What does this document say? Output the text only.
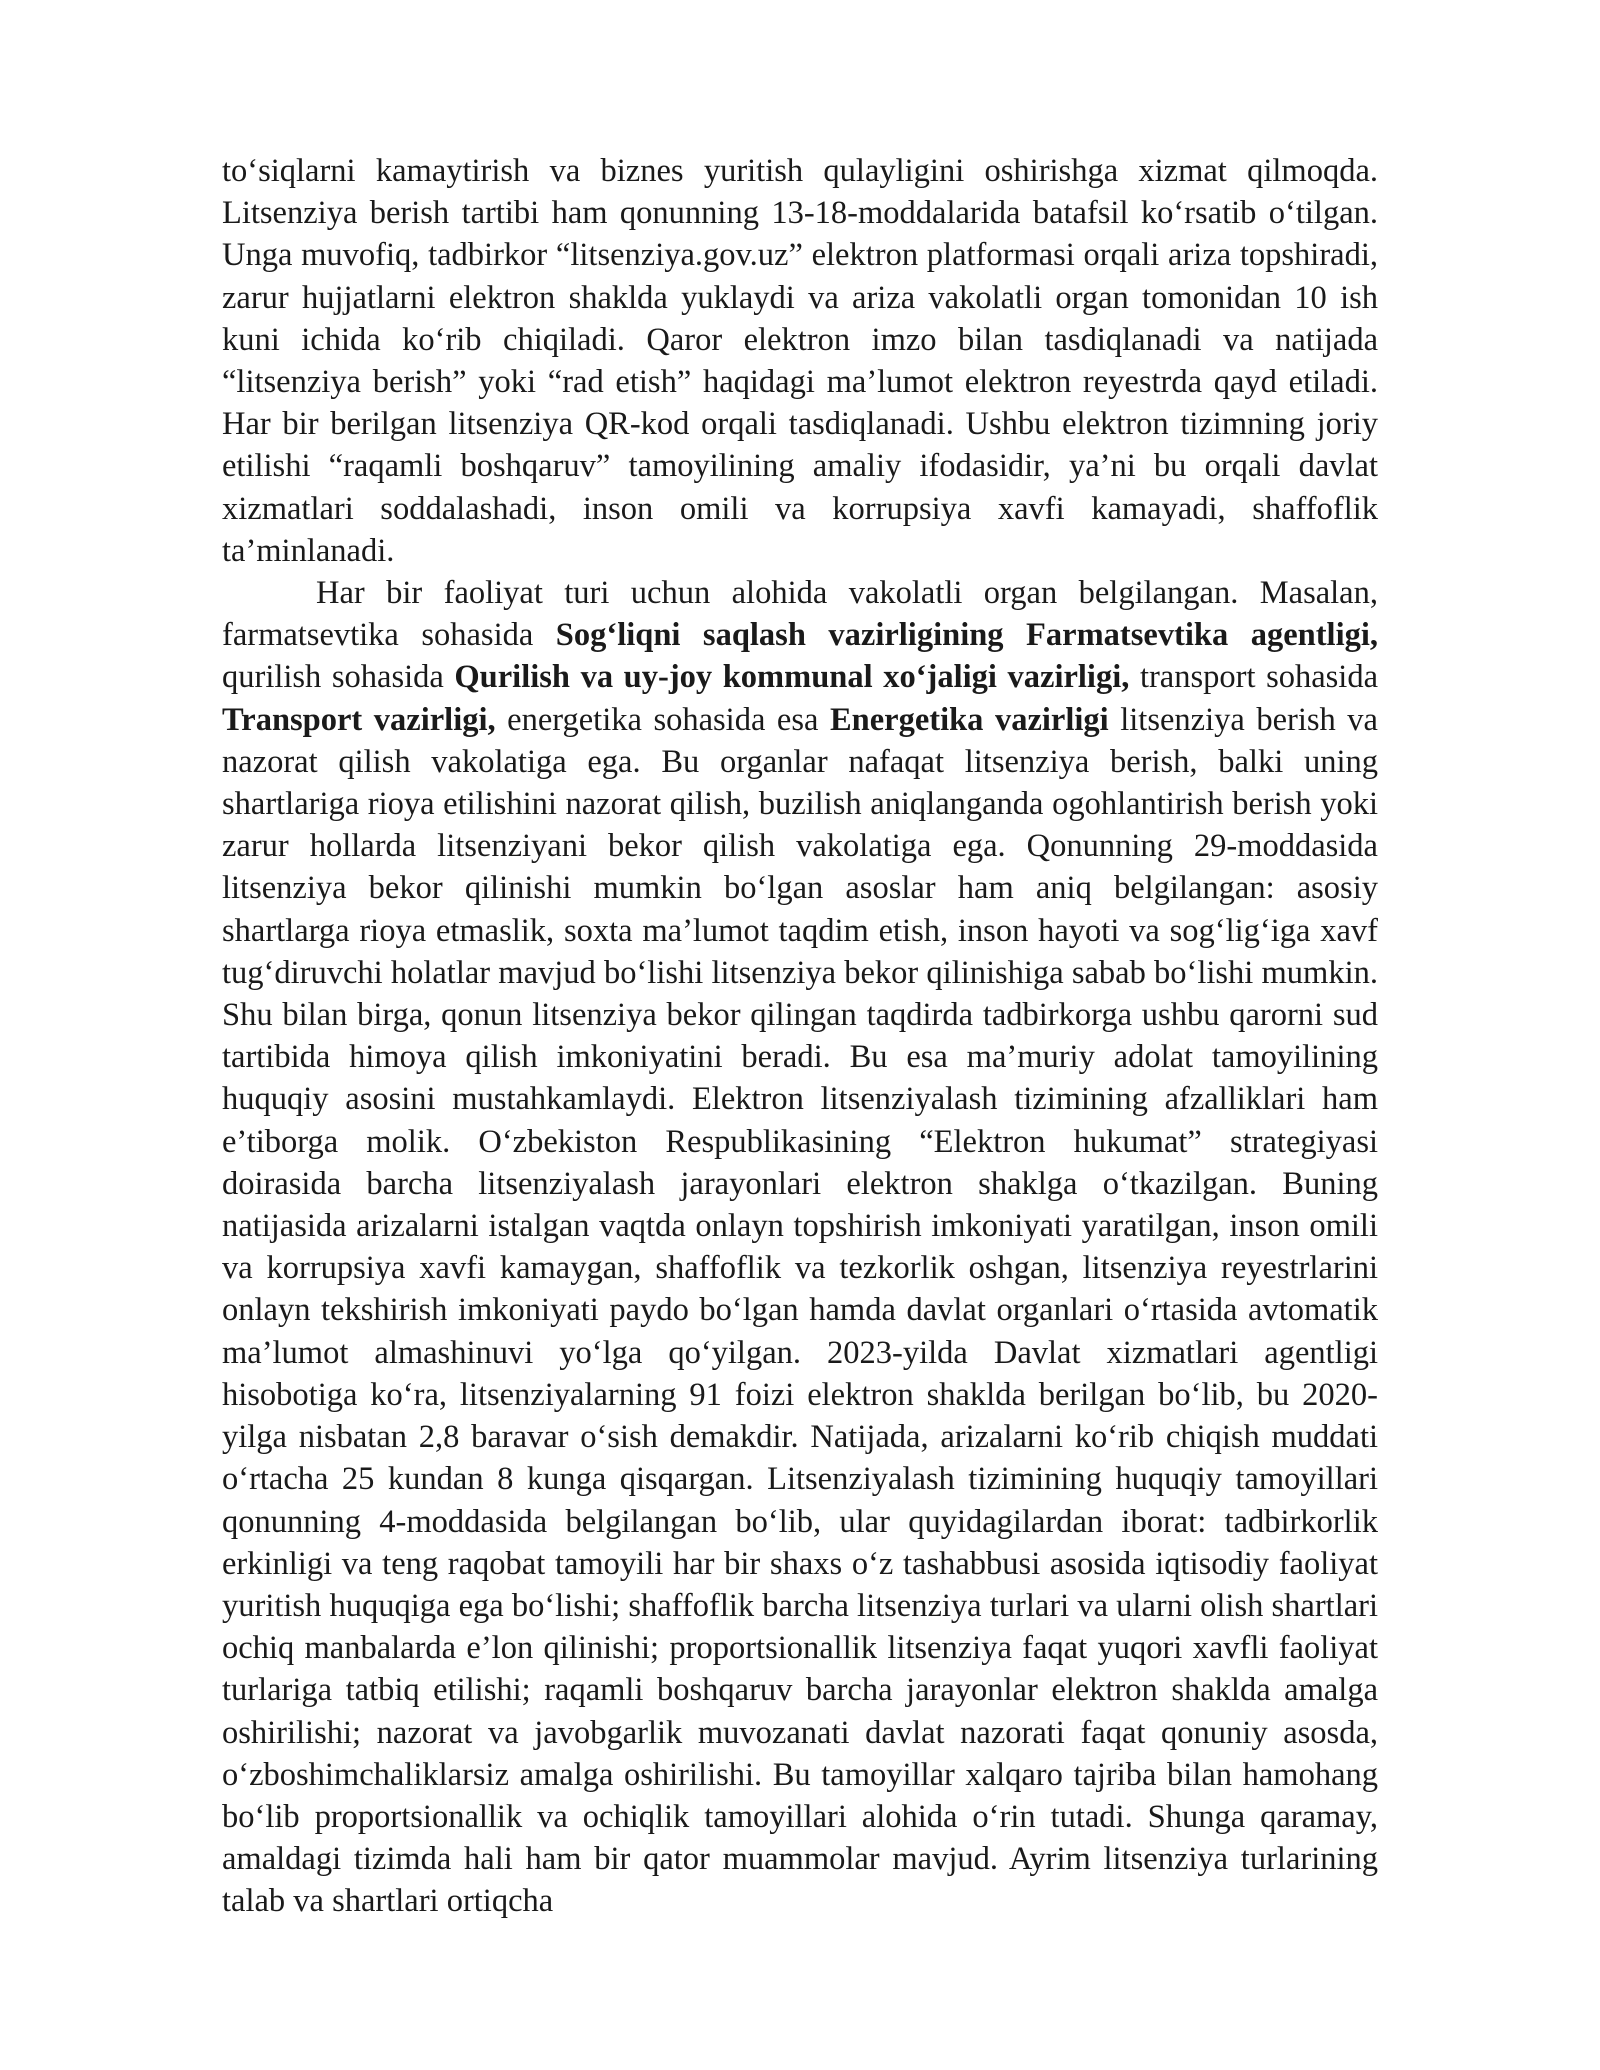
to‘siqlarni kamaytirish va biznes yuritish qulayligini oshirishga xizmat qilmoqda. Litsenziya berish tartibi ham qonunning 13-18-moddalarida batafsil ko‘rsatib o‘tilgan. Unga muvofiq, tadbirkor “litsenziya.gov.uz” elektron platformasi orqali ariza topshiradi, zarur hujjatlarni elektron shaklda yuklaydi va ariza vakolatli organ tomonidan 10 ish kuni ichida ko‘rib chiqiladi. Qaror elektron imzo bilan tasdiqlanadi va natijada “litsenziya berish” yoki “rad etish” haqidagi ma’lumot elektron reyestrda qayd etiladi. Har bir berilgan litsenziya QR-kod orqali tasdiqlanadi. Ushbu elektron tizimning joriy etilishi “raqamli boshqaruv” tamoyilining amaliy ifodasidir, ya’ni bu orqali davlat xizmatlari soddalashadi, inson omili va korrupsiya xavfi kamayadi, shaffoflik ta’minlanadi.

Har bir faoliyat turi uchun alohida vakolatli organ belgilangan. Masalan, farmatsevtika sohasida Sog‘liqni saqlash vazirligining Farmatsevtika agentligi, qurilish sohasida Qurilish va uy-joy kommunal xo‘jaligi vazirligi, transport sohasida Transport vazirligi, energetika sohasida esa Energetika vazirligi litsenziya berish va nazorat qilish vakolatiga ega. Bu organlar nafaqat litsenziya berish, balki uning shartlariga rioya etilishini nazorat qilish, buzilish aniqlanganda ogohlantirish berish yoki zarur hollarda litsenziyani bekor qilish vakolatiga ega. Qonunning 29-moddasida litsenziya bekor qilinishi mumkin bo‘lgan asoslar ham aniq belgilangan: asosiy shartlarga rioya etmaslik, soxta ma’lumot taqdim etish, inson hayoti va sog‘lig‘iga xavf tug‘diruvchi holatlar mavjud bo‘lishi litsenziya bekor qilinishiga sabab bo‘lishi mumkin. Shu bilan birga, qonun litsenziya bekor qilingan taqdirda tadbirkorga ushbu qarorni sud tartibida himoya qilish imkoniyatini beradi. Bu esa ma’muriy adolat tamoyilining huquqiy asosini mustahkamlaydi. Elektron litsenziyalash tizimining afzalliklari ham e’tiborga molik. O‘zbekiston Respublikasining “Elektron hukumat” strategiyasi doirasida barcha litsenziyalash jarayonlari elektron shaklga o‘tkazilgan. Buning natijasida arizalarni istalgan vaqtda onlayn topshirish imkoniyati yaratilgan, inson omili va korrupsiya xavfi kamaygan, shaffoflik va tezkorlik oshgan, litsenziya reyestrlarini onlayn tekshirish imkoniyati paydo bo‘lgan hamda davlat organlari o‘rtasida avtomatik ma’lumot almashinuvi yo‘lga qo‘yilgan. 2023-yilda Davlat xizmatlari agentligi hisobotiga ko‘ra, litsenziyalarning 91 foizi elektron shaklda berilgan bo‘lib, bu 2020-yilga nisbatan 2,8 baravar o‘sish demakdir. Natijada, arizalarni ko‘rib chiqish muddati o‘rtacha 25 kundan 8 kunga qisqargan. Litsenziyalash tizimining huquqiy tamoyillari qonunning 4-moddasida belgilangan bo‘lib, ular quyidagilardan iborat: tadbirkorlik erkinligi va teng raqobat tamoyili har bir shaxs o‘z tashabbusi asosida iqtisodiy faoliyat yuritish huquqiga ega bo‘lishi; shaffoflik barcha litsenziya turlari va ularni olish shartlari ochiq manbalarda e’lon qilinishi; proportsionallik litsenziya faqat yuqori xavfli faoliyat turlariga tatbiq etilishi; raqamli boshqaruv barcha jarayonlar elektron shaklda amalga oshirilishi; nazorat va javobgarlik muvozanati davlat nazorati faqat qonuniy asosda, o‘zboshimchaliklarsiz amalga oshirilishi. Bu tamoyillar xalqaro tajriba bilan hamohang bo‘lib proportsionallik va ochiqlik tamoyillari alohida o‘rin tutadi. Shunga qaramay, amaldagi tizimda hali ham bir qator muammolar mavjud. Ayrim litsenziya turlarining talab va shartlari ortiqcha
